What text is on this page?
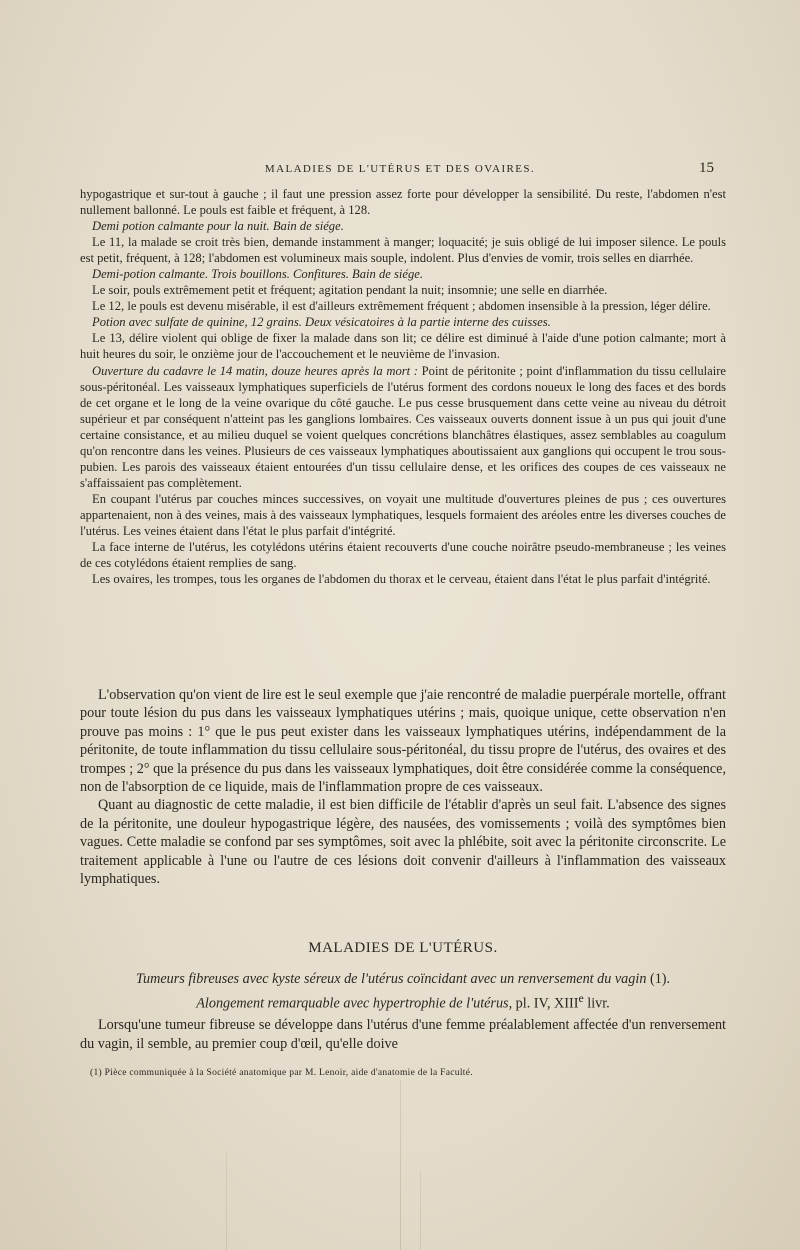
MALADIES DE L'UTÉRUS ET DES OVAIRES.	15

hypogastrique et sur-tout à gauche ; il faut une pression assez forte pour développer la sensibilité. Du reste, l'abdomen n'est nullement ballonné. Le pouls est faible et fréquent, à 128.

Demi potion calmante pour la nuit. Bain de siége.

Le 11, la malade se croit très bien, demande instamment à manger; loquacité; je suis obligé de lui imposer silence. Le pouls est petit, fréquent, à 128; l'abdomen est volumineux mais souple, indolent. Plus d'envies de vomir, trois selles en diarrhée.

Demi-potion calmante. Trois bouillons. Confitures. Bain de siége.

Le soir, pouls extrêmement petit et fréquent; agitation pendant la nuit; insomnie; une selle en diarrhée.

Le 12, le pouls est devenu misérable, il est d'ailleurs extrêmement fréquent ; abdomen insensible à la pression, léger délire.

Potion avec sulfate de quinine, 12 grains. Deux vésicatoires à la partie interne des cuisses.

Le 13, délire violent qui oblige de fixer la malade dans son lit; ce délire est diminué à l'aide d'une potion calmante; mort à huit heures du soir, le onzième jour de l'accouchement et le neuvième de l'invasion.

Ouverture du cadavre le 14 matin, douze heures après la mort : Point de péritonite ; point d'inflammation du tissu cellulaire sous-péritonéal. Les vaisseaux lymphatiques superficiels de l'utérus forment des cordons noueux le long des faces et des bords de cet organe et le long de la veine ovarique du côté gauche. Le pus cesse brusquement dans cette veine au niveau du détroit supérieur et par conséquent n'atteint pas les ganglions lombaires. Ces vaisseaux ouverts donnent issue à un pus qui jouit d'une certaine consistance, et au milieu duquel se voient quelques concrétions blanchâtres élastiques, assez semblables au coagulum qu'on rencontre dans les veines. Plusieurs de ces vaisseaux lymphatiques aboutissaient aux ganglions qui occupent le trou sous-pubien. Les parois des vaisseaux étaient entourées d'un tissu cellulaire dense, et les orifices des coupes de ces vaisseaux ne s'affaissaient pas complètement.

En coupant l'utérus par couches minces successives, on voyait une multitude d'ouvertures pleines de pus ; ces ouvertures appartenaient, non à des veines, mais à des vaisseaux lymphatiques, lesquels formaient des aréoles entre les diverses couches de l'utérus. Les veines étaient dans l'état le plus parfait d'intégrité.

La face interne de l'utérus, les cotylédons utérins étaient recouverts d'une couche noirâtre pseudo-membraneuse ; les veines de ces cotylédons étaient remplies de sang.

Les ovaires, les trompes, tous les organes de l'abdomen du thorax et le cerveau, étaient dans l'état le plus parfait d'intégrité.

L'observation qu'on vient de lire est le seul exemple que j'aie rencontré de maladie puerpérale mortelle, offrant pour toute lésion du pus dans les vaisseaux lymphatiques utérins ; mais, quoique unique, cette observation n'en prouve pas moins : 1° que le pus peut exister dans les vaisseaux lymphatiques utérins, indépendamment de la péritonite, de toute inflammation du tissu cellulaire sous-péritonéal, du tissu propre de l'utérus, des ovaires et des trompes ; 2° que la présence du pus dans les vaisseaux lymphatiques, doit être considérée comme la conséquence, non de l'absorption de ce liquide, mais de l'inflammation propre de ces vaisseaux.

Quant au diagnostic de cette maladie, il est bien difficile de l'établir d'après un seul fait. L'absence des signes de la péritonite, une douleur hypogastrique légère, des nausées, des vomissements ; voilà des symptômes bien vagues. Cette maladie se confond par ses symptômes, soit avec la phlébite, soit avec la péritonite circonscrite. Le traitement applicable à l'une ou l'autre de ces lésions doit convenir d'ailleurs à l'inflammation des vaisseaux lymphatiques.

MALADIES DE L'UTÉRUS.
Tumeurs fibreuses avec kyste séreux de l'utérus coïncidant avec un renversement du vagin (1).
Alongement remarquable avec hypertrophie de l'utérus, pl. IV, XIIIe livr.

Lorsqu'une tumeur fibreuse se développe dans l'utérus d'une femme préalablement affectée d'un renversement du vagin, il semble, au premier coup d'œil, qu'elle doive

(1) Pièce communiquée à la Société anatomique par M. Lenoir, aide d'anatomie de la Faculté.
